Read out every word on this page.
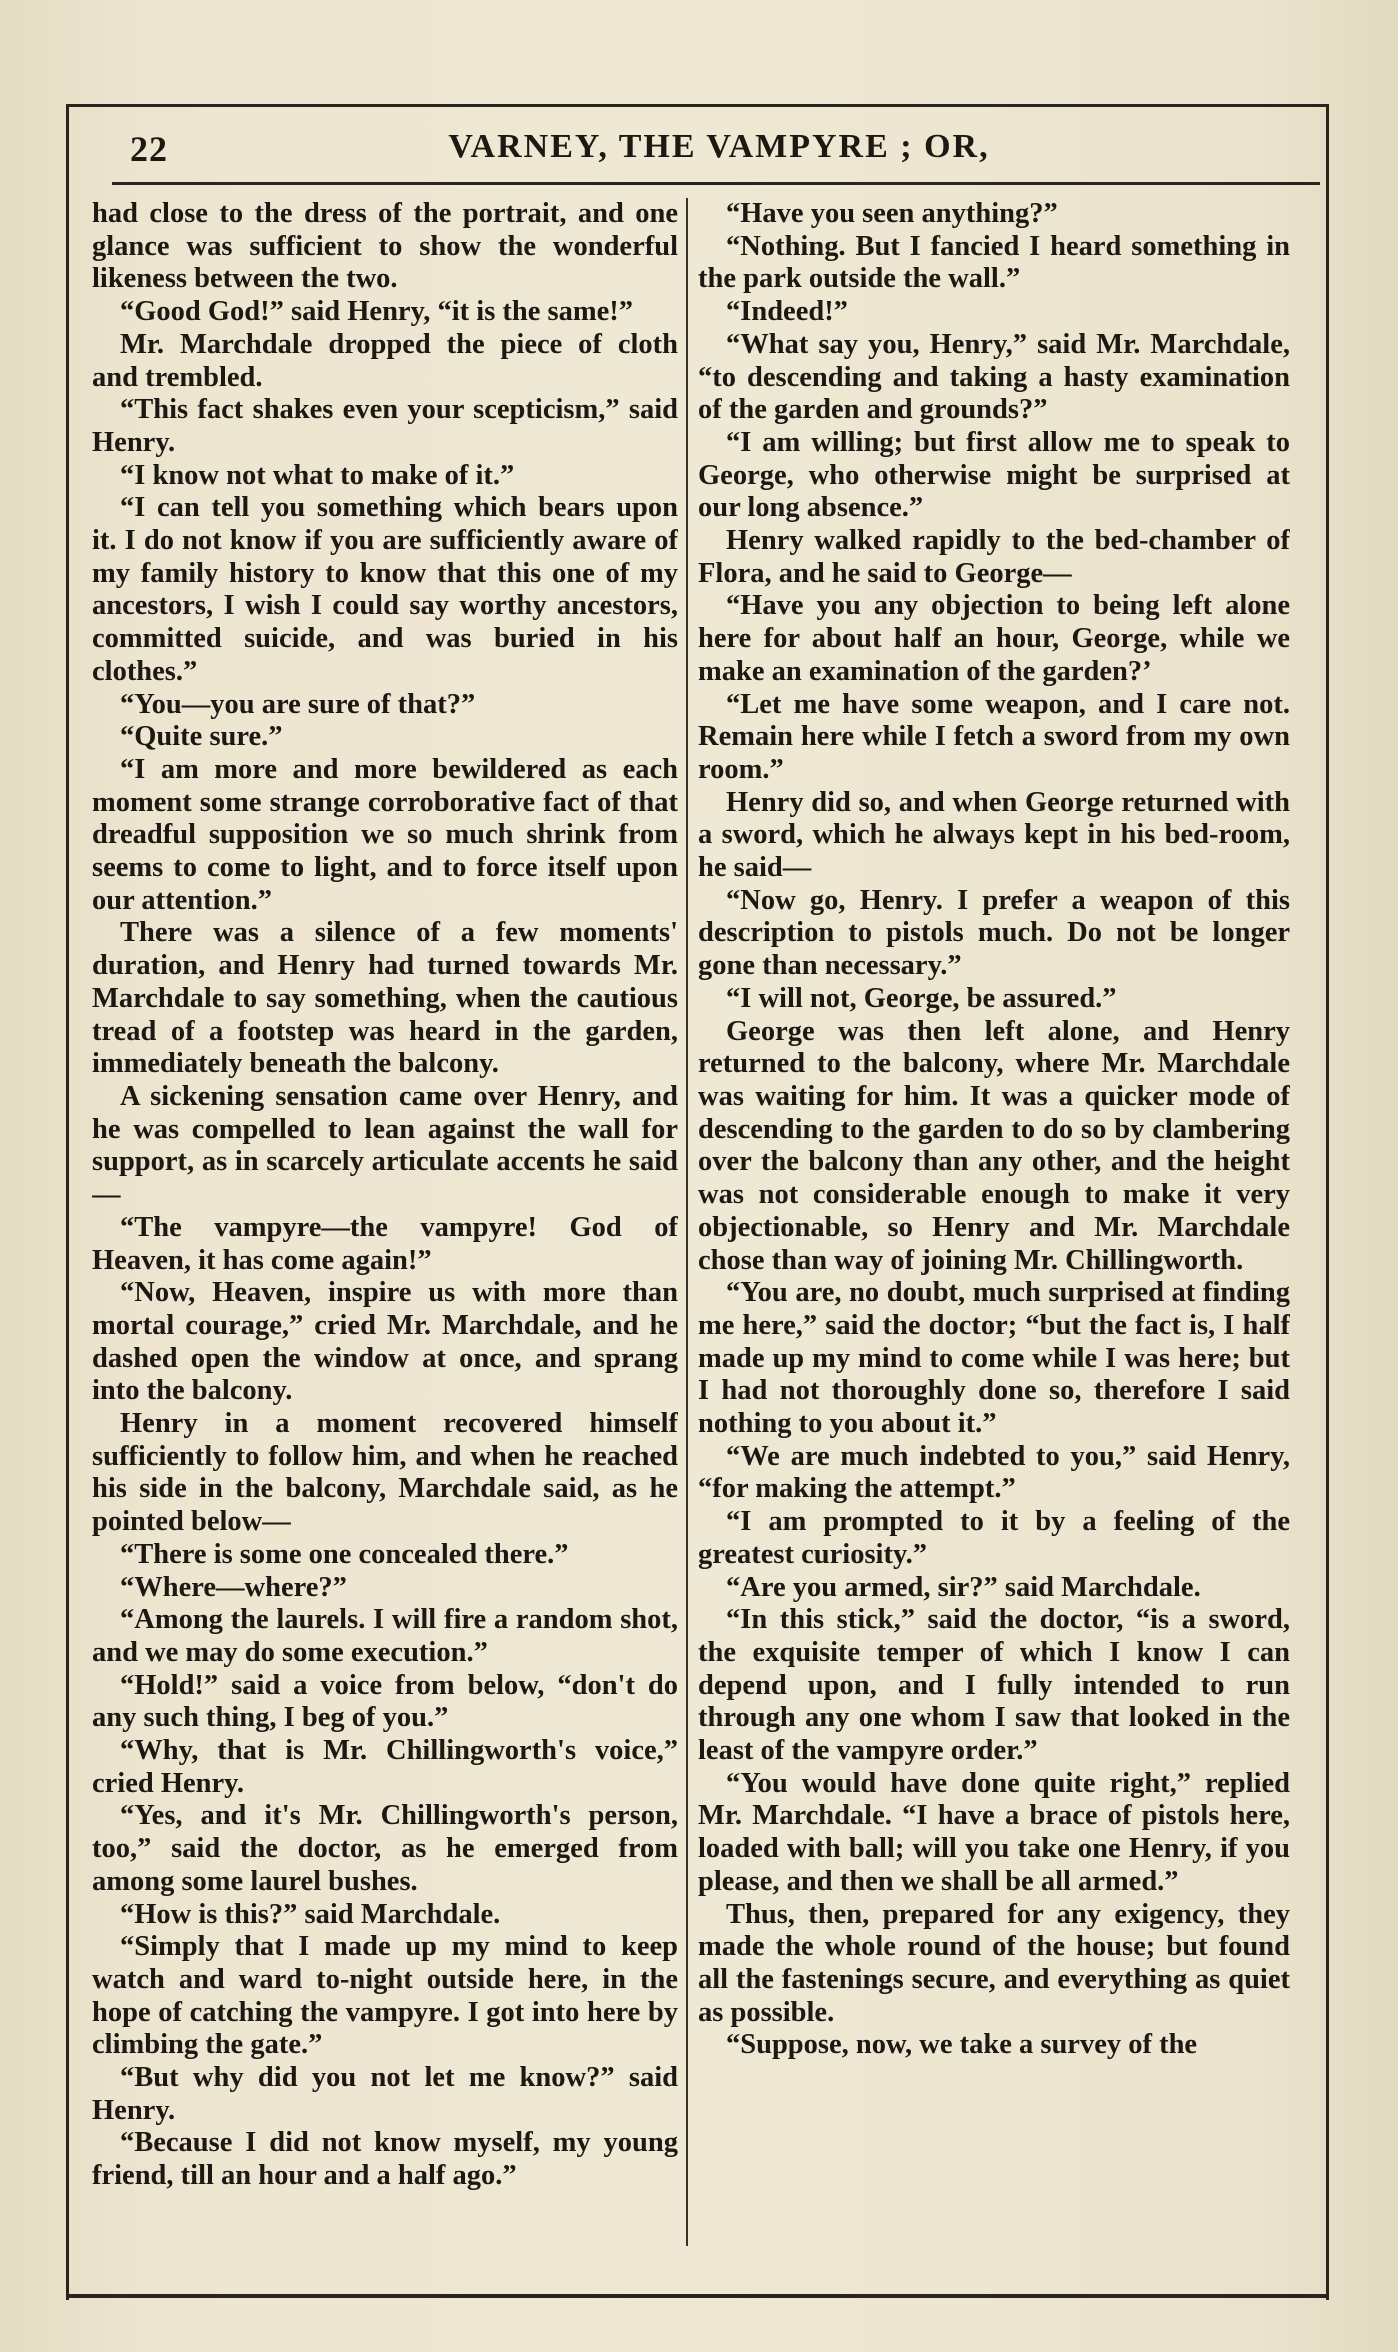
22	VARNEY, THE VAMPYRE ; OR,

had close to the dress of the portrait, and one glance was sufficient to show the wonderful likeness between the two.

“Good God!” said Henry, “it is the same!”

Mr. Marchdale dropped the piece of cloth and trembled.

“This fact shakes even your scepticism,” said Henry.

“I know not what to make of it.”

“I can tell you something which bears upon it. I do not know if you are sufficiently aware of my family history to know that this one of my ancestors, I wish I could say worthy ancestors, committed suicide, and was buried in his clothes.”

“You—you are sure of that?”

“Quite sure.”

“I am more and more bewildered as each moment some strange corroborative fact of that dreadful supposition we so much shrink from seems to come to light, and to force itself upon our attention.”

There was a silence of a few moments' duration, and Henry had turned towards Mr. Marchdale to say something, when the cautious tread of a footstep was heard in the garden, immediately beneath the balcony.

A sickening sensation came over Henry, and he was compelled to lean against the wall for support, as in scarcely articulate accents he said—

“The vampyre—the vampyre! God of Heaven, it has come again!”

“Now, Heaven, inspire us with more than mortal courage,” cried Mr. Marchdale, and he dashed open the window at once, and sprang into the balcony.

Henry in a moment recovered himself sufficiently to follow him, and when he reached his side in the balcony, Marchdale said, as he pointed below—

“There is some one concealed there.”

“Where—where?”

“Among the laurels. I will fire a random shot, and we may do some execution.”

“Hold!” said a voice from below, “don't do any such thing, I beg of you.”

“Why, that is Mr. Chillingworth's voice,” cried Henry.

“Yes, and it's Mr. Chillingworth's person, too,” said the doctor, as he emerged from among some laurel bushes.

“How is this?” said Marchdale.

“Simply that I made up my mind to keep watch and ward to-night outside here, in the hope of catching the vampyre. I got into here by climbing the gate.”

“But why did you not let me know?” said Henry.

“Because I did not know myself, my young friend, till an hour and a half ago.”

“Have you seen anything?”

“Nothing. But I fancied I heard something in the park outside the wall.”

“Indeed!”

“What say you, Henry,” said Mr. Marchdale, “to descending and taking a hasty examination of the garden and grounds?”

“I am willing; but first allow me to speak to George, who otherwise might be surprised at our long absence.”

Henry walked rapidly to the bed-chamber of Flora, and he said to George—

“Have you any objection to being left alone here for about half an hour, George, while we make an examination of the garden?’

“Let me have some weapon, and I care not. Remain here while I fetch a sword from my own room.”

Henry did so, and when George returned with a sword, which he always kept in his bed-room, he said—

“Now go, Henry. I prefer a weapon of this description to pistols much. Do not be longer gone than necessary.”

“I will not, George, be assured.”

George was then left alone, and Henry returned to the balcony, where Mr. Marchdale was waiting for him. It was a quicker mode of descending to the garden to do so by clambering over the balcony than any other, and the height was not considerable enough to make it very objectionable, so Henry and Mr. Marchdale chose than way of joining Mr. Chillingworth.

“You are, no doubt, much surprised at finding me here,” said the doctor; “but the fact is, I half made up my mind to come while I was here; but I had not thoroughly done so, therefore I said nothing to you about it.”

“We are much indebted to you,” said Henry, “for making the attempt.”

“I am prompted to it by a feeling of the greatest curiosity.”

“Are you armed, sir?” said Marchdale.

“In this stick,” said the doctor, “is a sword, the exquisite temper of which I know I can depend upon, and I fully intended to run through any one whom I saw that looked in the least of the vampyre order.”

“You would have done quite right,” replied Mr. Marchdale. “I have a brace of pistols here, loaded with ball; will you take one Henry, if you please, and then we shall be all armed.”

Thus, then, prepared for any exigency, they made the whole round of the house; but found all the fastenings secure, and everything as quiet as possible.

“Suppose, now, we take a survey of the
